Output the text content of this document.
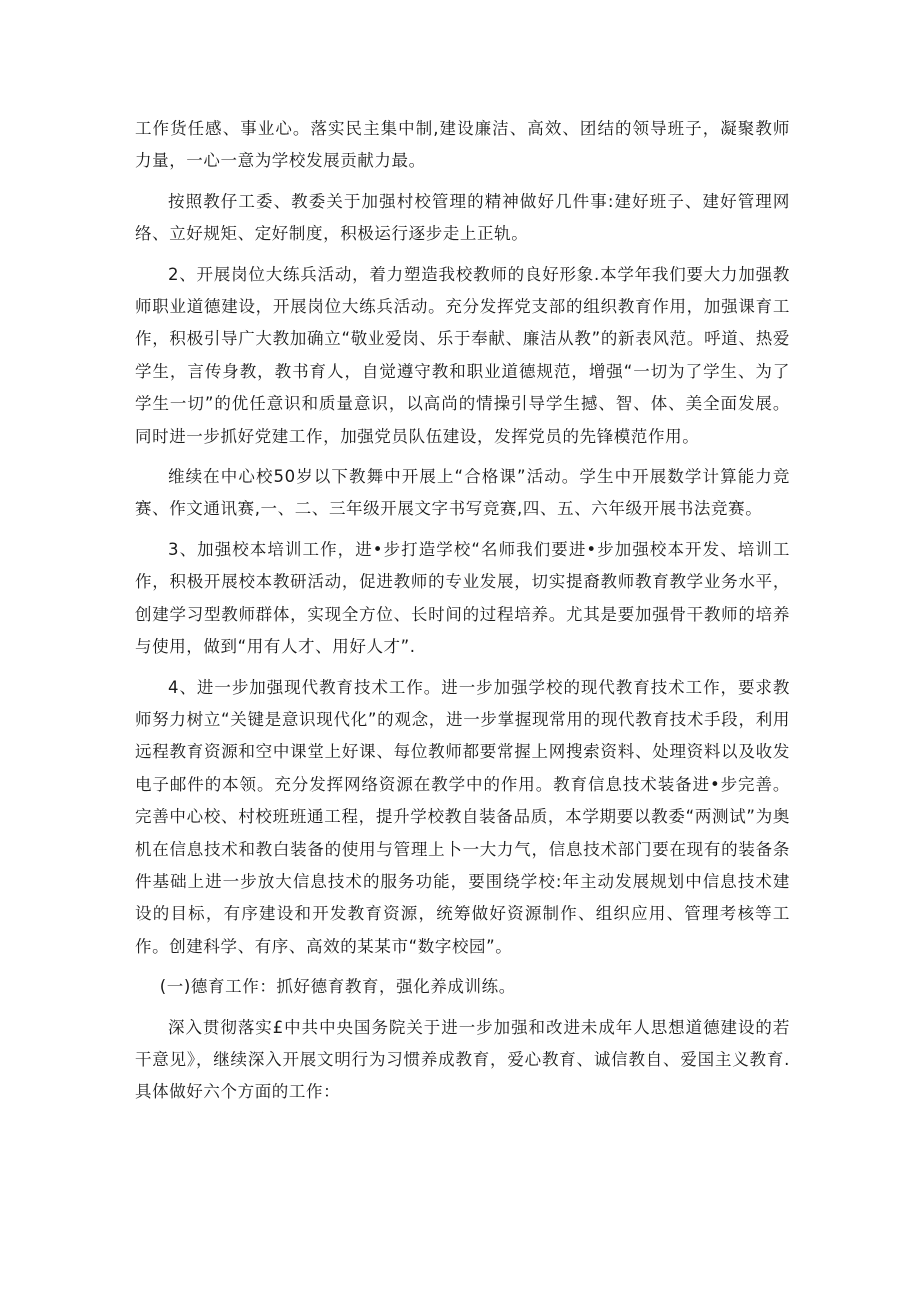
工作货任感、事业心。落实民主集中制,建设廉洁、高效、团结的领导班子，凝聚教师力量，一心一意为学校发展贡献力最。

按照教仔工委、教委关于加强村校管理的精神做好几件事:建好班子、建好管理网络、立好规矩、定好制度，积极运行逐步走上正轨。

2、开展岗位大练兵活动，着力塑造我校教师的良好形象.本学年我们要大力加强教师职业道德建设，开展岗位大练兵活动。充分发挥党支部的组织教育作用，加强课育工作，积极引导广大教加确立“敬业爱岗、乐于奉献、廉洁从教”的新表风范。呼道、热爱学生，言传身教，教书育人，自觉遵守教和职业道德规范，增强“一切为了学生、为了学生一切”的优任意识和质量意识，以高尚的情操引导学生撼、智、体、美全面发展。同时进一步抓好党建工作，加强党员队伍建设，发挥党员的先锋模范作用。

维续在中心校50岁以下教舞中开展上“合格课”活动。学生中开展数学计算能力竞赛、作文通讯赛,一、二、三年级开展文字书写竞赛,四、五、六年级开展书法竞赛。

3、加强校本培训工作，进•步打造学校“名师我们要进•步加强校本开发、培训工作，积极开展校本教研活动，促进教师的专业发展，切实提裔教师教育教学业务水平，创建学习型教师群体，实现全方位、长时间的过程培养。尤其是要加强骨干教师的培养与使用，做到“用有人才、用好人才”.

4、进一步加强现代教育技术工作。进一步加强学校的现代教育技术工作，要求教师努力树立“关键是意识现代化”的观念，进一步掌握现常用的现代教育技术手段，利用远程教育资源和空中课堂上好课、每位教师都要常握上网搜索资料、处理资料以及收发电子邮件的本领。充分发挥网络资源在教学中的作用。教育信息技术装备进•步完善。完善中心校、村校班班通工程，提升学校教自装备品质，本学期要以教委“两测试”为奥机在信息技术和教白装备的使用与管理上卜一大力气，信息技术部门要在现有的装备条件基础上进一步放大信息技术的服务功能，要围绕学校:年主动发展规划中信息技术建设的目标，有序建设和开发教育资源，统筹做好资源制作、组织应用、管理考核等工作。创建科学、有序、高效的某某市“数字校园”。

(一)德育工作：抓好德育教育，强化养成训练。

深入贯彻落实£中共中央国务院关于进一步加强和改进未成年人思想道德建设的若干意见》，继续深入开展文明行为习惯养成教育，爱心教育、诚信教自、爱国主义教育.具体做好六个方面的工作：
